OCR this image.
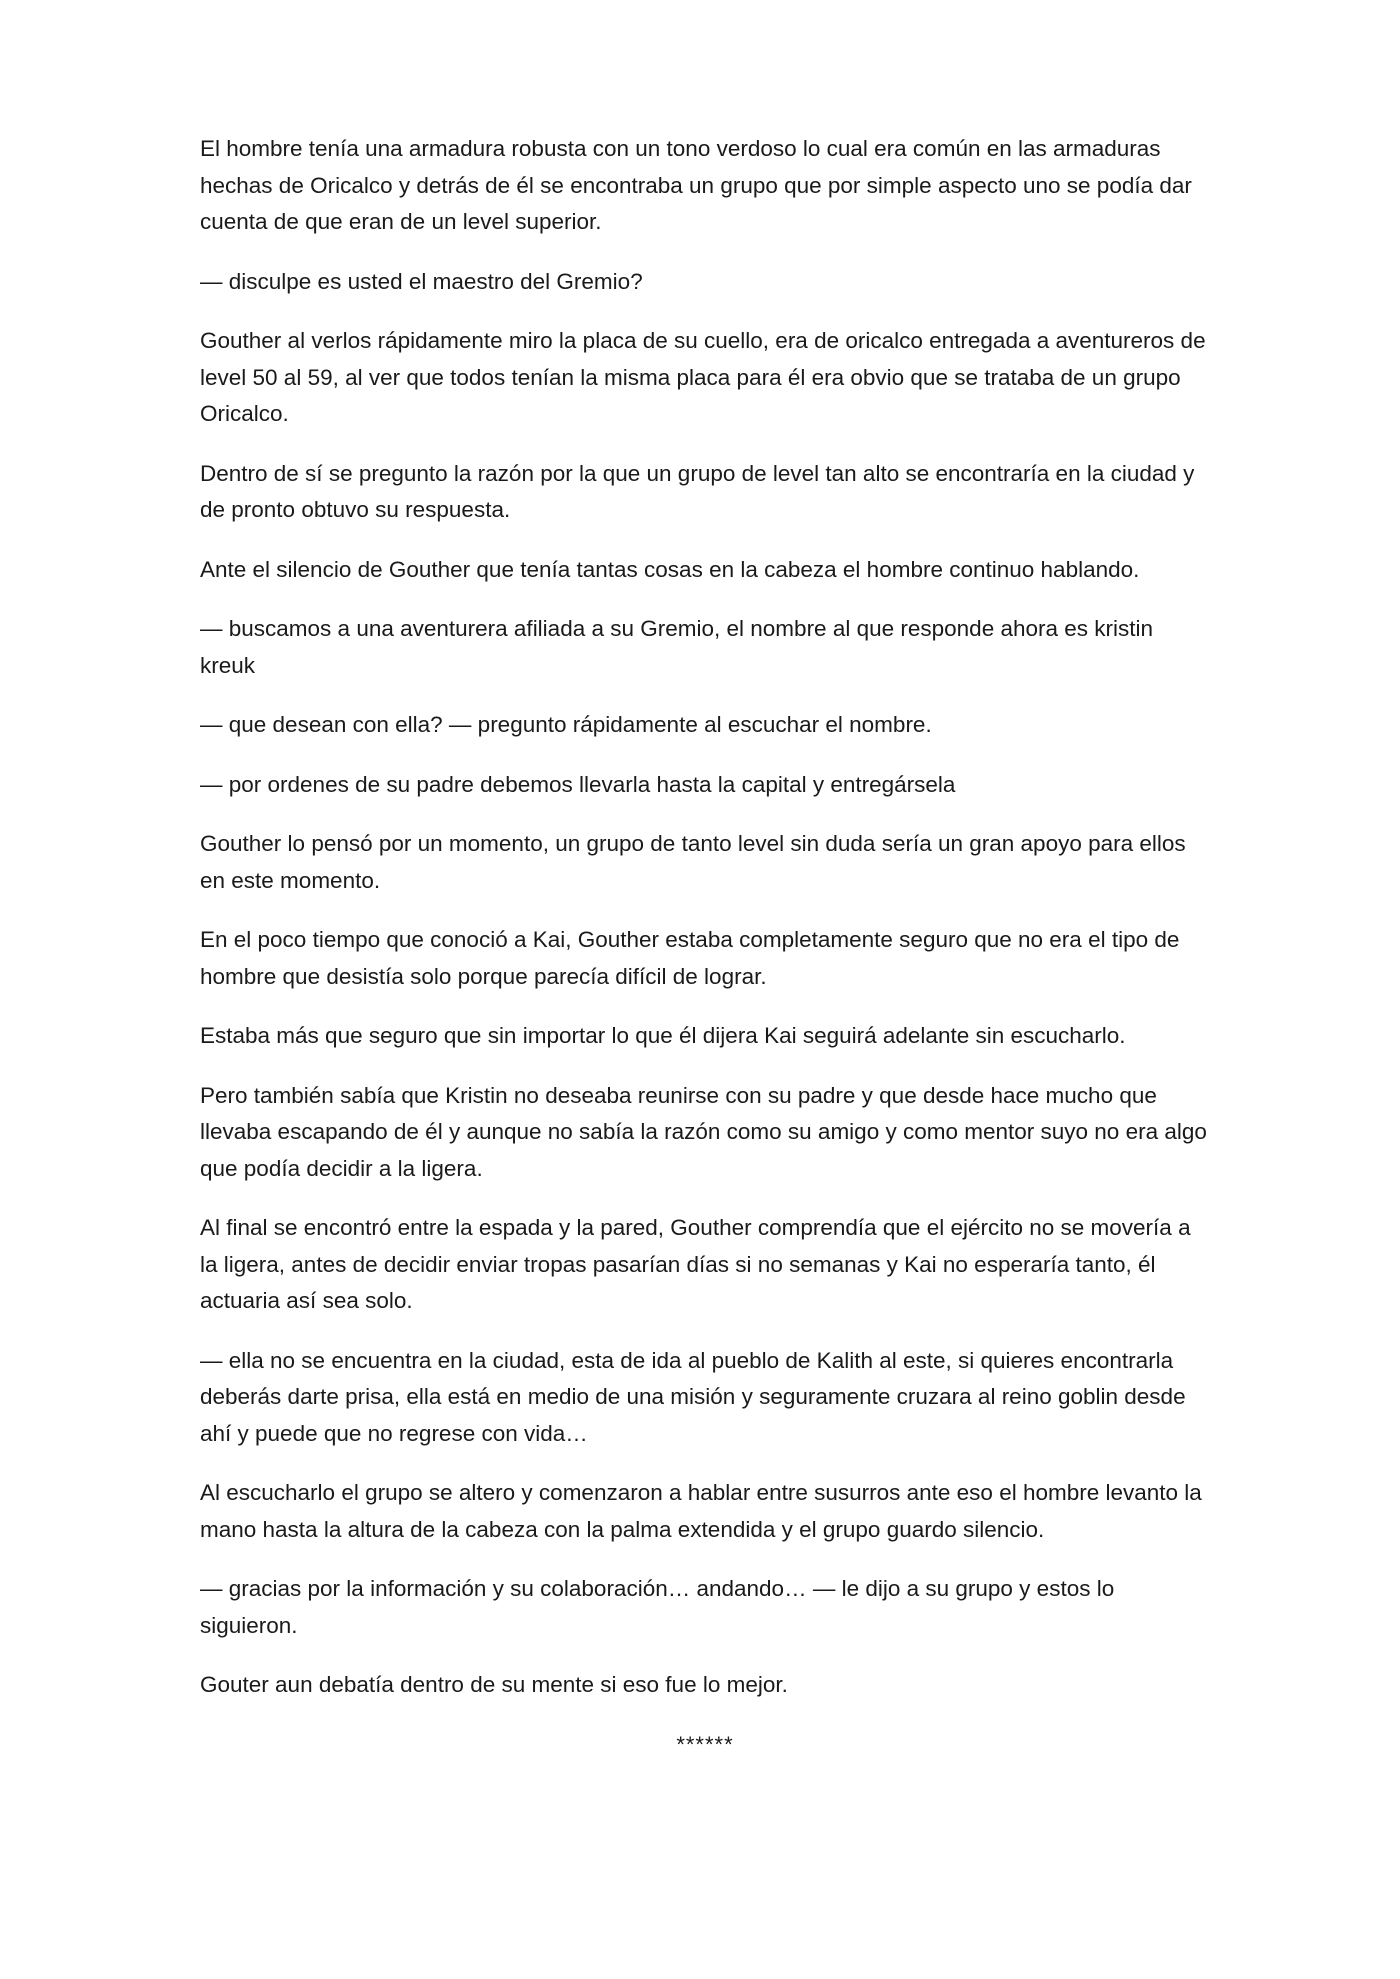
El hombre tenía una armadura robusta con un tono verdoso lo cual era común en las armaduras hechas de Oricalco y detrás de él se encontraba un grupo que por simple aspecto uno se podía dar cuenta de que eran de un level superior.

— disculpe es usted el maestro del Gremio?

Gouther al verlos rápidamente miro la placa de su cuello, era de oricalco entregada a aventureros de level 50 al 59, al ver que todos tenían la misma placa para él era obvio que se trataba de un grupo Oricalco.

Dentro de sí se pregunto la razón por la que un grupo de level tan alto se encontraría en la ciudad y de pronto obtuvo su respuesta.

Ante el silencio de Gouther que tenía tantas cosas en la cabeza el hombre continuo hablando.

— buscamos a una aventurera afiliada a su Gremio, el nombre al que responde ahora es kristin kreuk

— que desean con ella? — pregunto rápidamente al escuchar el nombre.

— por ordenes de su padre debemos llevarla hasta la capital y entregársela

Gouther lo pensó por un momento, un grupo de tanto level sin duda sería un gran apoyo para ellos en este momento.

En el poco tiempo que conoció a Kai, Gouther estaba completamente seguro que no era el tipo de hombre que desistía solo porque parecía difícil de lograr.

Estaba más que seguro que sin importar lo que él dijera Kai seguirá adelante sin escucharlo.

Pero también sabía que Kristin no deseaba reunirse con su padre y que desde hace mucho que llevaba escapando de él y aunque no sabía la razón como su amigo y como mentor suyo no era algo que podía decidir a la ligera.

Al final se encontró entre la espada y la pared, Gouther comprendía que el ejército no se movería a la ligera, antes de decidir enviar tropas pasarían días si no semanas y Kai no esperaría tanto, él actuaria así sea solo.

— ella no se encuentra en la ciudad, esta de ida al pueblo de Kalith al este, si quieres encontrarla deberás darte prisa, ella está en medio de una misión y seguramente cruzara al reino goblin desde ahí y puede que no regrese con vida…

Al escucharlo el grupo se altero y comenzaron a hablar entre susurros ante eso el hombre levanto la mano hasta la altura de la cabeza con la palma extendida y el grupo guardo silencio.

— gracias por la información y su colaboración… andando… — le dijo a su grupo y estos lo siguieron.

Gouter aun debatía dentro de su mente si eso fue lo mejor.

******
